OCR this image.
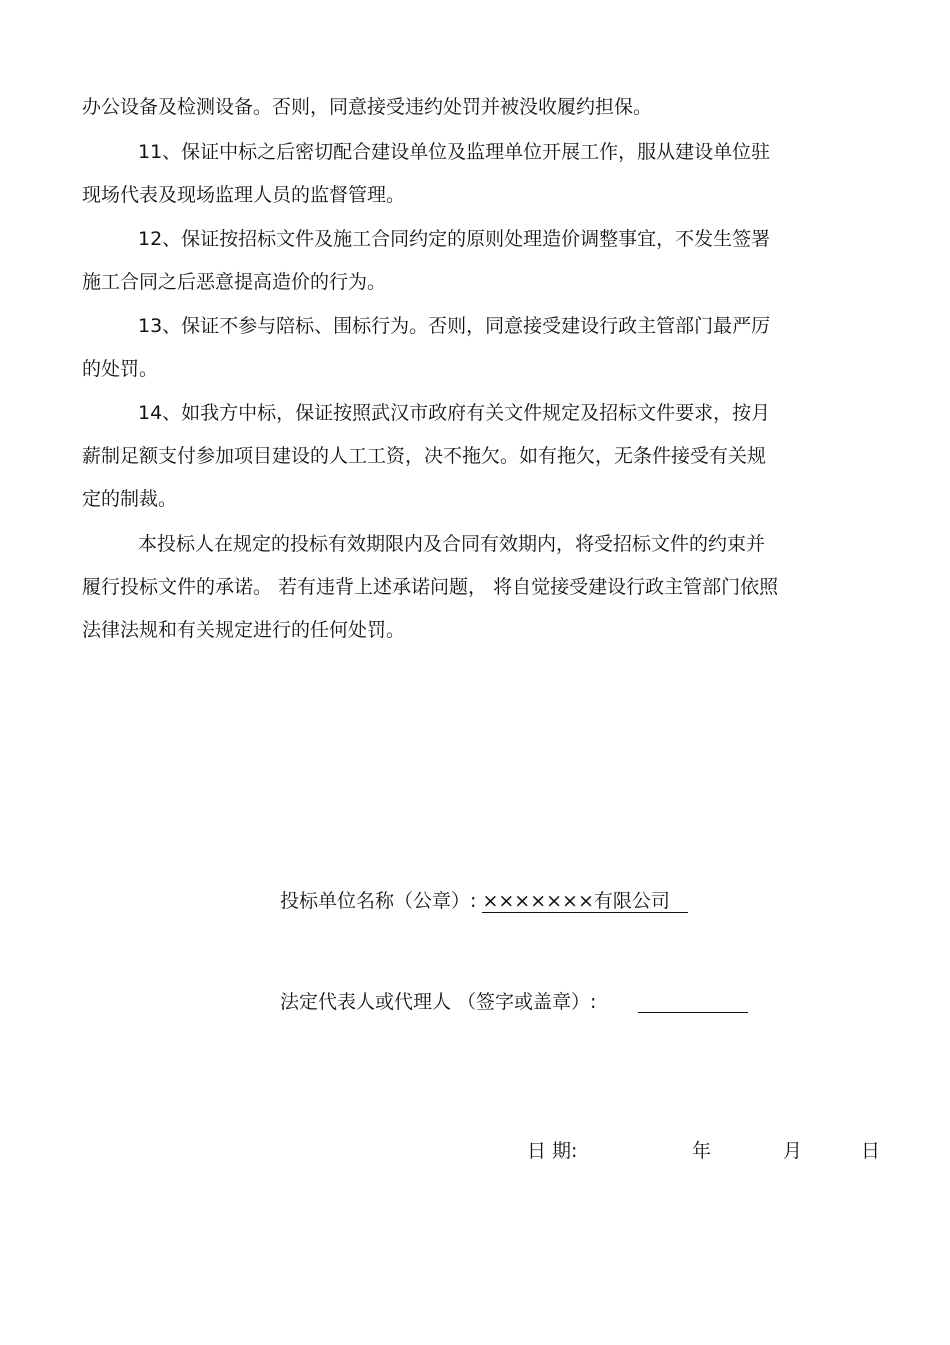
办公设备及检测设备。否则，同意接受违约处罚并被没收履约担保。
11、保证中标之后密切配合建设单位及监理单位开展工作，服从建设单位驻
现场代表及现场监理人员的监督管理。
12、保证按招标文件及施工合同约定的原则处理造价调整事宜，不发生签署
施工合同之后恶意提高造价的行为。
13、保证不参与陪标、围标行为。否则，同意接受建设行政主管部门最严厉
的处罚。
14、如我方中标，保证按照武汉市政府有关文件规定及招标文件要求，按月
薪制足额支付参加项目建设的人工工资，决不拖欠。如有拖欠，无条件接受有关规
定的制裁。
本投标人在规定的投标有效期限内及合同有效期内，将受招标文件的约束并
履行投标文件的承诺。 若有违背上述承诺问题， 将自觉接受建设行政主管部门依照
法律法规和有关规定进行的任何处罚。
投标单位名称（公章）: ×××××××有限公司
法定代表人或代理人 （签字或盖章）:
日 期:	年	月	日
